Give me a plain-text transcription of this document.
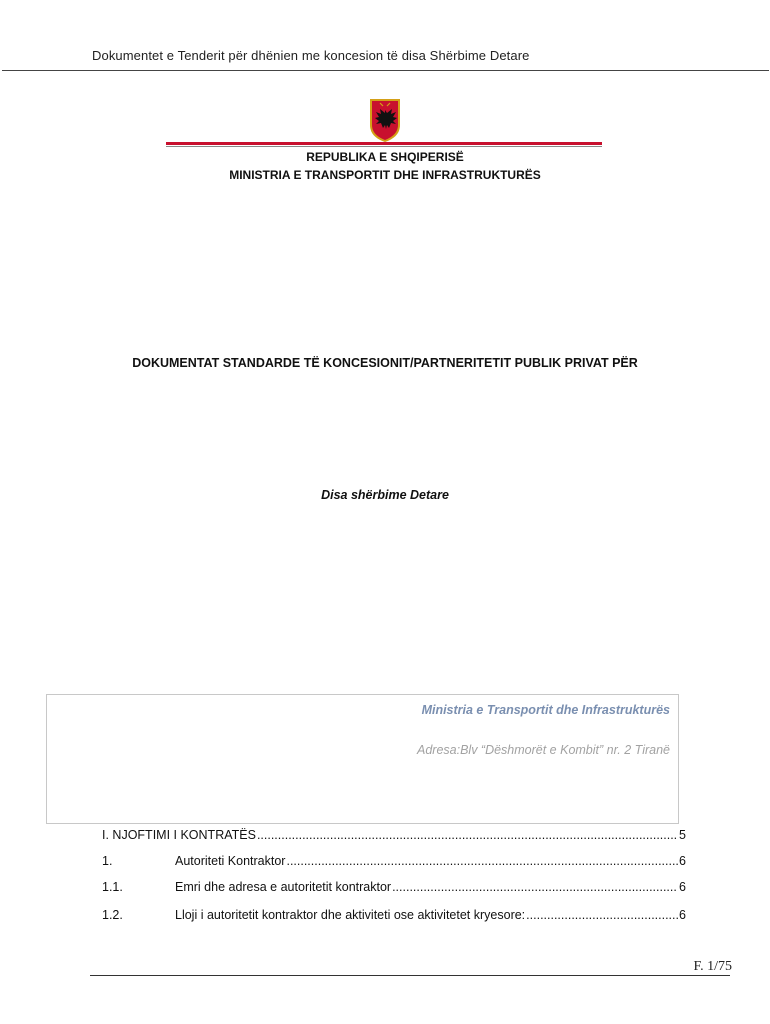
Dokumentet e Tenderit për dhënien me koncesion të disa Shërbime Detare
REPUBLIKA E SHQIPERISË
MINISTRIA E TRANSPORTIT DHE INFRASTRUKTURËS
DOKUMENTAT STANDARDE TË KONCESIONIT/PARTNERITETIT PUBLIK PRIVAT PËR
Disa shërbime Detare
Ministria e Transportit dhe Infrastrukturës
Adresa:Blv “Dëshmorët e Kombit” nr. 2 Tiranë
I. NJOFTIMI I KONTRATËS .....	5
1.	Autoriteti Kontraktor .....	6
1.1.	Emri dhe adresa e autoritetit kontraktor .....	6
1.2.	Lloji i autoritetit kontraktor dhe aktiviteti ose aktivitetet kryesore: .....	6
F. 1/75
